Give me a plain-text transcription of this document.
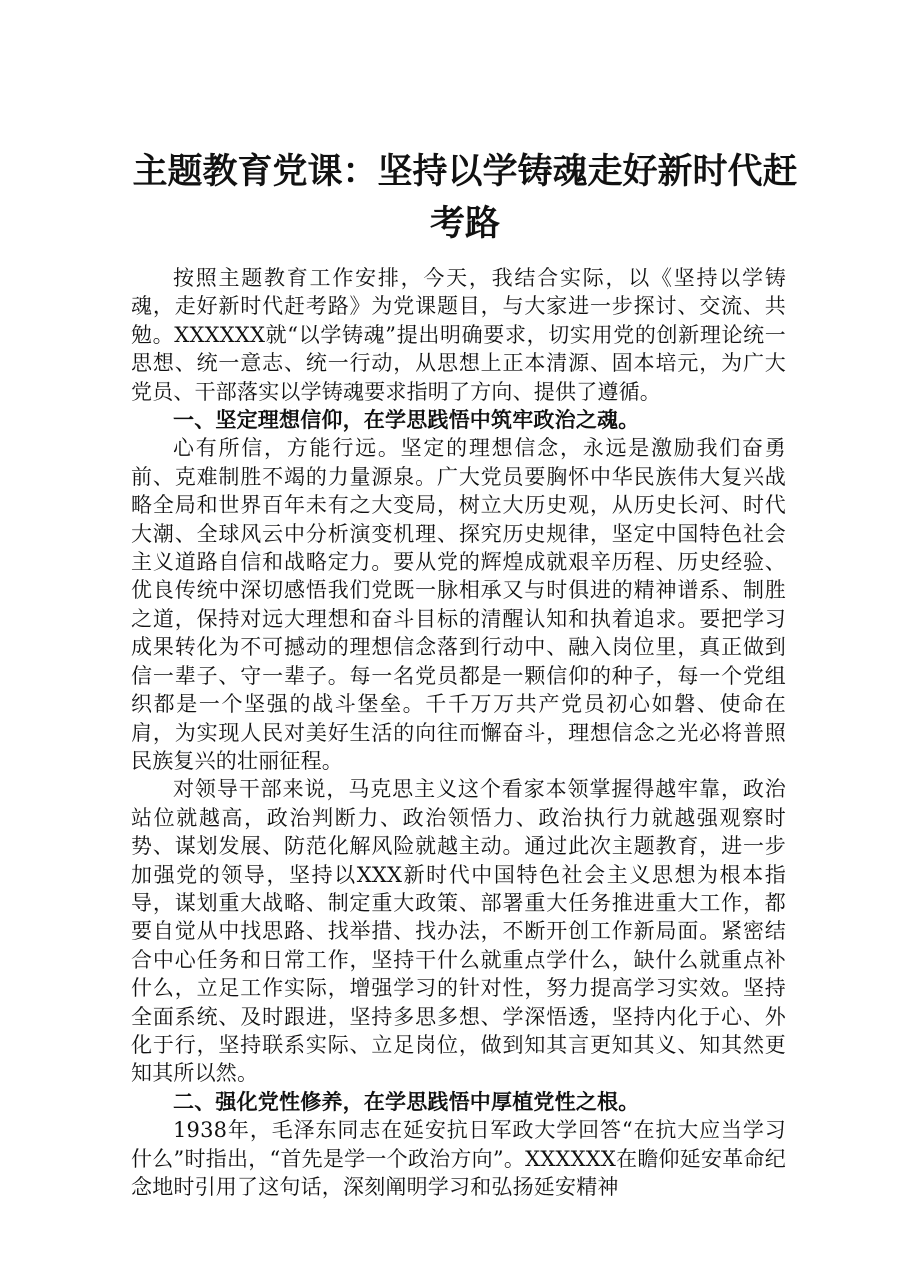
主题教育党课：坚持以学铸魂走好新时代赶考路

按照主题教育工作安排，今天，我结合实际，以《坚持以学铸魂，走好新时代赶考路》为党课题目，与大家进一步探讨、交流、共勉。XXXXXX就“以学铸魂”提出明确要求，切实用党的创新理论统一思想、统一意志、统一行动，从思想上正本清源、固本培元，为广大党员、干部落实以学铸魂要求指明了方向、提供了遵循。

一、坚定理想信仰，在学思践悟中筑牢政治之魂。

心有所信，方能行远。坚定的理想信念，永远是激励我们奋勇前、克难制胜不竭的力量源泉。广大党员要胸怀中华民族伟大复兴战略全局和世界百年未有之大变局，树立大历史观，从历史长河、时代大潮、全球风云中分析演变机理、探究历史规律，坚定中国特色社会主义道路自信和战略定力。要从党的辉煌成就艰辛历程、历史经验、优良传统中深切感悟我们党既一脉相承又与时俱进的精神谱系、制胜之道，保持对远大理想和奋斗目标的清醒认知和执着追求。要把学习成果转化为不可撼动的理想信念落到行动中、融入岗位里，真正做到信一辈子、守一辈子。每一名党员都是一颗信仰的种子，每一个党组织都是一个坚强的战斗堡垒。千千万万共产党员初心如磐、使命在肩，为实现人民对美好生活的向往而懈奋斗，理想信念之光必将普照民族复兴的壮丽征程。

对领导干部来说，马克思主义这个看家本领掌握得越牢靠，政治站位就越高，政治判断力、政治领悟力、政治执行力就越强观察时势、谋划发展、防范化解风险就越主动。通过此次主题教育，进一步加强党的领导，坚持以XXX新时代中国特色社会主义思想为根本指导，谋划重大战略、制定重大政策、部署重大任务推进重大工作，都要自觉从中找思路、找举措、找办法，不断开创工作新局面。紧密结合中心任务和日常工作，坚持干什么就重点学什么，缺什么就重点补什么，立足工作实际，增强学习的针对性，努力提高学习实效。坚持全面系统、及时跟进，坚持多思多想、学深悟透，坚持内化于心、外化于行，坚持联系实际、立足岗位，做到知其言更知其义、知其然更知其所以然。

二、强化党性修养，在学思践悟中厚植党性之根。

1938年，毛泽东同志在延安抗日军政大学回答“在抗大应当学习什么”时指出，“首先是学一个政治方向”。XXXXXX在瞻仰延安革命纪念地时引用了这句话，深刻阐明学习和弘扬延安精神
